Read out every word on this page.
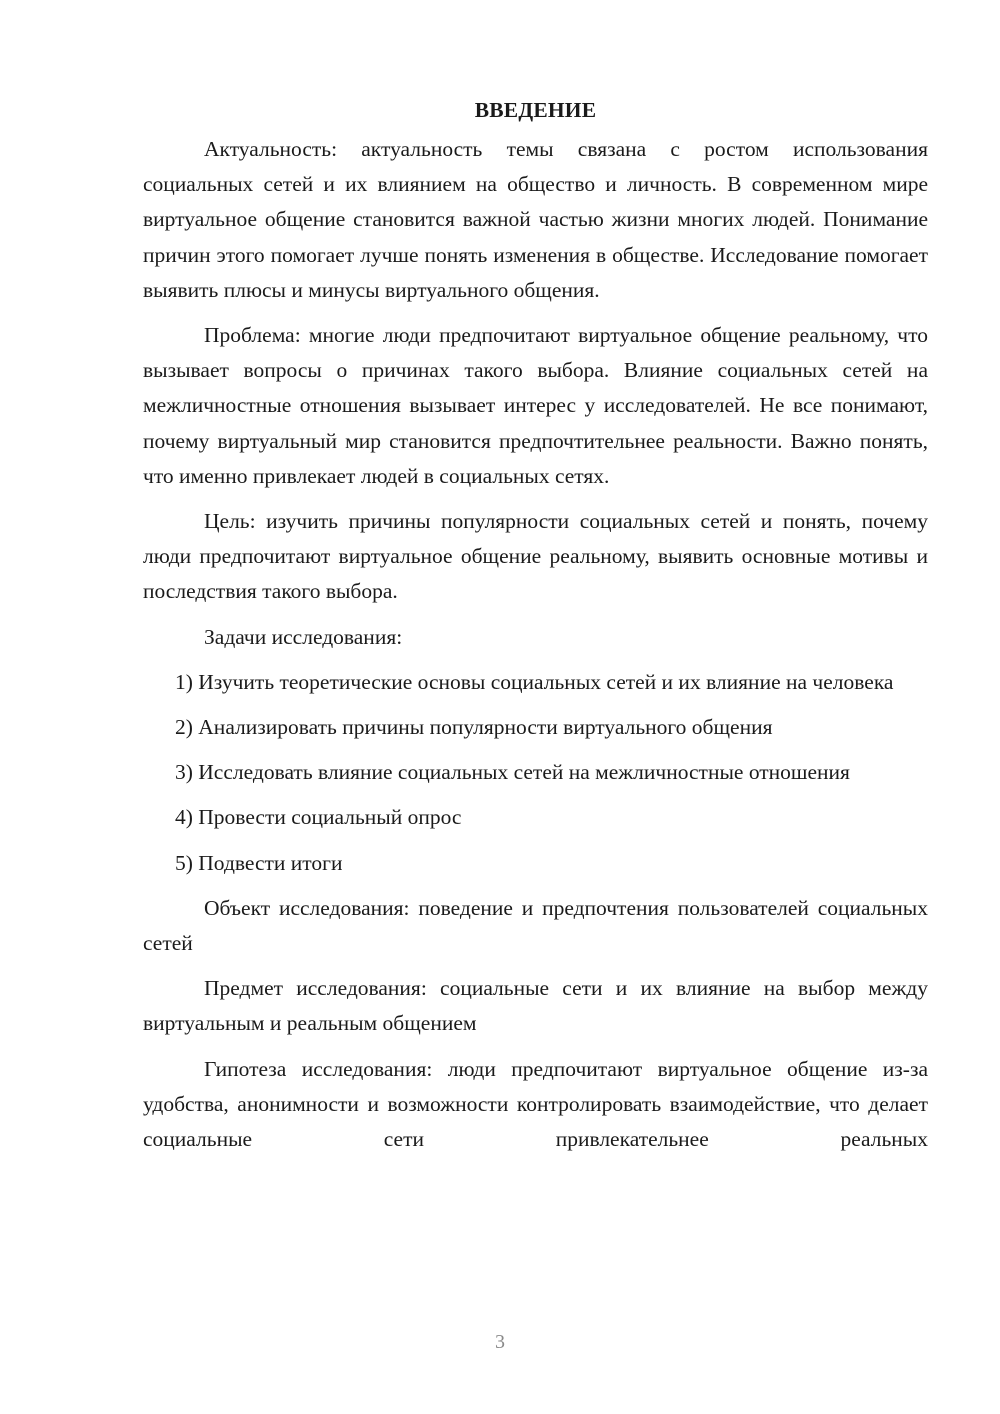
ВВЕДЕНИЕ

Актуальность: актуальность темы связана с ростом использования социальных сетей и их влиянием на общество и личность. В современном мире виртуальное общение становится важной частью жизни многих людей. Понимание причин этого помогает лучше понять изменения в обществе. Исследование помогает выявить плюсы и минусы виртуального общения.

Проблема: многие люди предпочитают виртуальное общение реальному, что вызывает вопросы о причинах такого выбора. Влияние социальных сетей на межличностные отношения вызывает интерес у исследователей. Не все понимают, почему виртуальный мир становится предпочтительнее реальности. Важно понять, что именно привлекает людей в социальных сетях.

Цель: изучить причины популярности социальных сетей и понять, почему люди предпочитают виртуальное общение реальному, выявить основные мотивы и последствия такого выбора.

Задачи исследования:

1) Изучить теоретические основы социальных сетей и их влияние на человека

2) Анализировать причины популярности виртуального общения

3) Исследовать влияние социальных сетей на межличностные отношения

4) Провести социальный опрос

5) Подвести итоги

Объект исследования: поведение и предпочтения пользователей социальных сетей

Предмет исследования: социальные сети и их влияние на выбор между виртуальным и реальным общением

Гипотеза исследования: люди предпочитают виртуальное общение из-за удобства, анонимности и возможности контролировать взаимодействие, что делает социальные сети привлекательнее реальных

3
